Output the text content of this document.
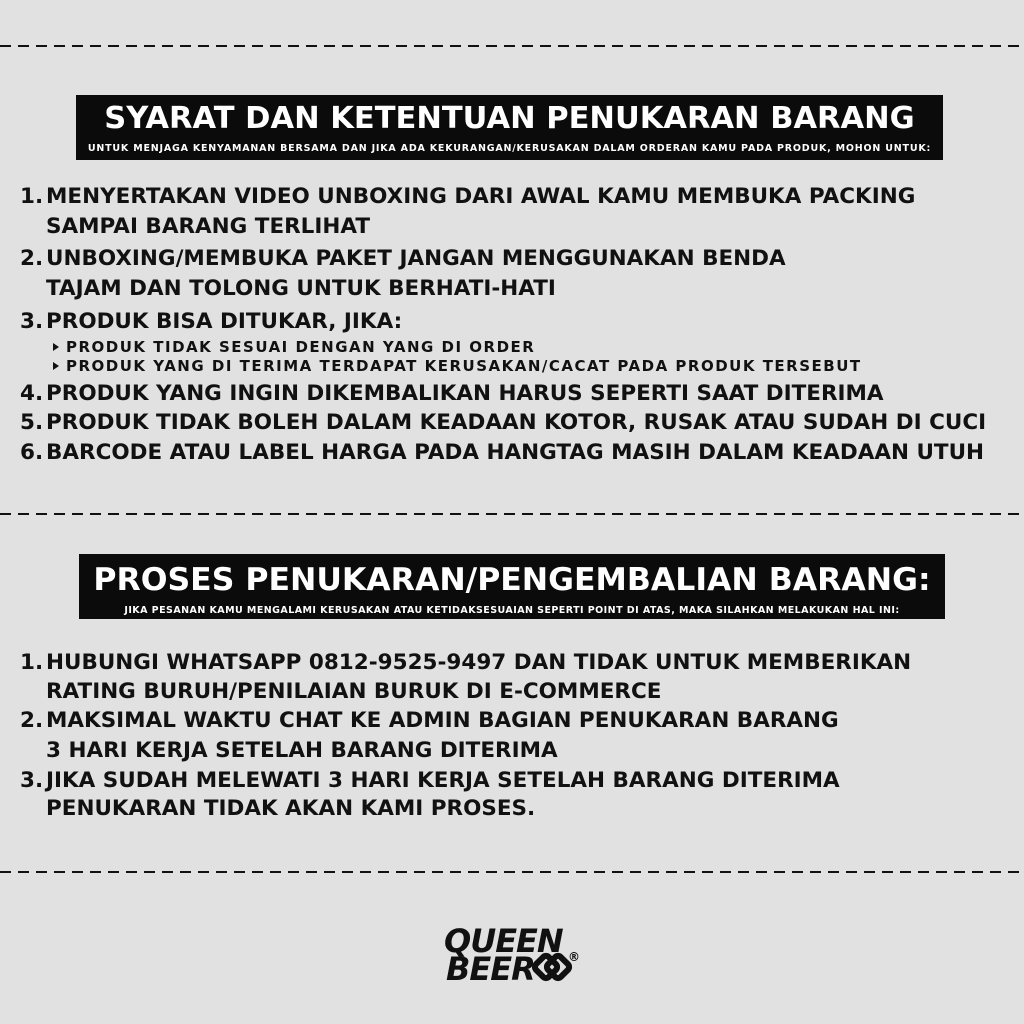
SYARAT DAN KETENTUAN PENUKARAN BARANG
UNTUK MENJAGA KENYAMANAN BERSAMA DAN JIKA ADA KEKURANGAN/KERUSAKAN DALAM ORDERAN KAMU PADA PRODUK, MOHON UNTUK:
1. MENYERTAKAN VIDEO UNBOXING DARI AWAL KAMU MEMBUKA PACKING
SAMPAI BARANG TERLIHAT
2. UNBOXING/MEMBUKA PAKET JANGAN MENGGUNAKAN BENDA
TAJAM DAN TOLONG UNTUK BERHATI-HATI
3. PRODUK BISA DITUKAR, JIKA:
PRODUK TIDAK SESUAI DENGAN YANG DI ORDER
PRODUK YANG DI TERIMA TERDAPAT KERUSAKAN/CACAT PADA PRODUK TERSEBUT
4. PRODUK YANG INGIN DIKEMBALIKAN HARUS SEPERTI SAAT DITERIMA
5. PRODUK TIDAK BOLEH DALAM KEADAAN KOTOR, RUSAK ATAU SUDAH DI CUCI
6. BARCODE ATAU LABEL HARGA PADA HANGTAG MASIH DALAM KEADAAN UTUH
PROSES PENUKARAN/PENGEMBALIAN BARANG:
JIKA PESANAN KAMU MENGALAMI KERUSAKAN ATAU KETIDAKSESUAIAN SEPERTI POINT DI ATAS, MAKA SILAHKAN MELAKUKAN HAL INI:
1. HUBUNGI WHATSAPP 0812-9525-9497 DAN TIDAK UNTUK MEMBERIKAN
RATING BURUH/PENILAIAN BURUK DI E-COMMERCE
2. MAKSIMAL WAKTU CHAT KE ADMIN BAGIAN PENUKARAN BARANG
3 HARI KERJA SETELAH BARANG DITERIMA
3. JIKA SUDAH MELEWATI 3 HARI KERJA SETELAH BARANG DITERIMA
PENUKARAN TIDAK AKAN KAMI PROSES.
QUEEN
BEER	®
